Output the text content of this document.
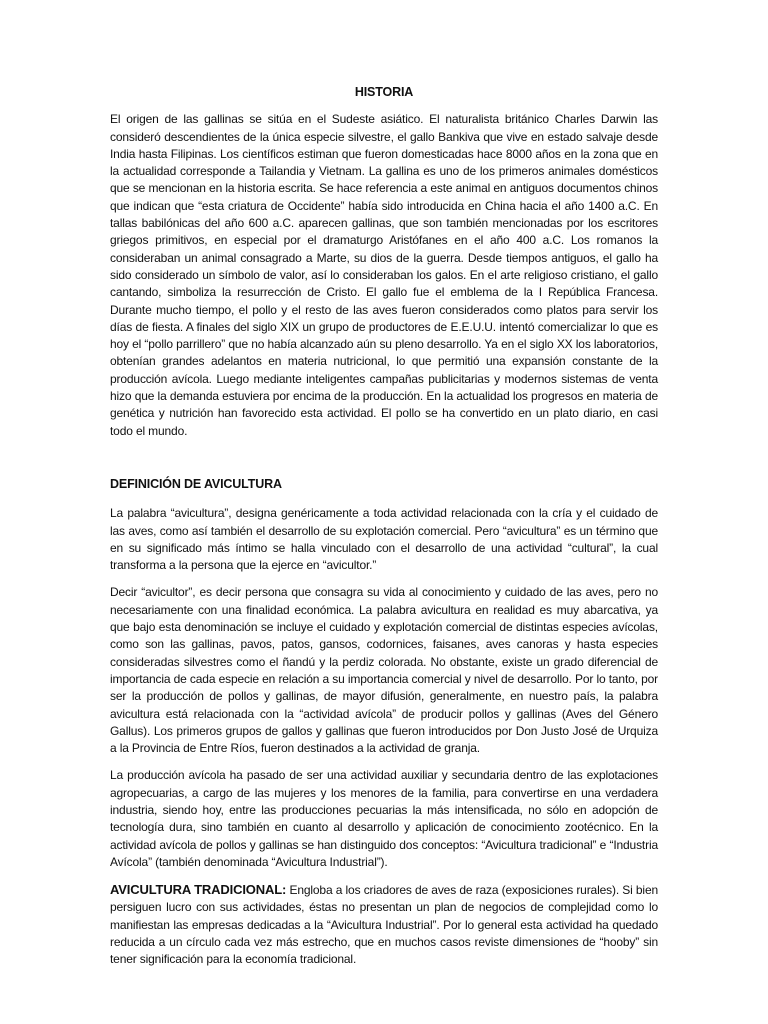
HISTORIA

El origen de las gallinas se sitúa en el Sudeste asiático. El naturalista británico Charles Darwin las consideró descendientes de la única especie silvestre, el gallo Bankiva que vive en estado salvaje desde India hasta Filipinas. Los científicos estiman que fueron domesticadas hace 8000 años en la zona que en la actualidad corresponde a Tailandia y Vietnam. La gallina es uno de los primeros animales domésticos que se mencionan en la historia escrita. Se hace referencia a este animal en antiguos documentos chinos que indican que “esta criatura de Occidente” había sido introducida en China hacia el año 1400 a.C. En tallas babilónicas del año 600 a.C. aparecen gallinas, que son también mencionadas por los escritores griegos primitivos, en especial por el dramaturgo Aristófanes en el año 400 a.C. Los romanos la consideraban un animal consagrado a Marte, su dios de la guerra. Desde tiempos antiguos, el gallo ha sido considerado un símbolo de valor, así lo consideraban los galos. En el arte religioso cristiano, el gallo cantando, simboliza la resurrección de Cristo. El gallo fue el emblema de la I República Francesa. Durante mucho tiempo, el pollo y el resto de las aves fueron considerados como platos para servir los días de fiesta. A finales del siglo XIX un grupo de productores de E.E.U.U. intentó comercializar lo que es hoy el “pollo parrillero” que no había alcanzado aún su pleno desarrollo. Ya en el siglo XX los laboratorios, obtenían grandes adelantos en materia nutricional, lo que permitió una expansión constante de la producción avícola. Luego mediante inteligentes campañas publicitarias y modernos sistemas de venta hizo que la demanda estuviera por encima de la producción. En la actualidad los progresos en materia de genética y nutrición han favorecido esta actividad. El pollo se ha convertido en un plato diario, en casi todo el mundo.

DEFINICIÓN DE AVICULTURA

La palabra “avicultura”, designa genéricamente a toda actividad relacionada con la cría y el cuidado de las aves, como así también el desarrollo de su explotación comercial. Pero “avicultura” es un término que en su significado más íntimo se halla vinculado con el desarrollo de una actividad “cultural”, la cual transforma a la persona que la ejerce en “avicultor.”

Decir “avicultor”, es decir persona que consagra su vida al conocimiento y cuidado de las aves, pero no necesariamente con una finalidad económica. La palabra avicultura en realidad es muy abarcativa, ya que bajo esta denominación se incluye el cuidado y explotación comercial de distintas especies avícolas, como son las gallinas, pavos, patos, gansos, codornices, faisanes, aves canoras y hasta especies consideradas silvestres como el ñandú y la perdiz colorada. No obstante, existe un grado diferencial de importancia de cada especie en relación a su importancia comercial y nivel de desarrollo. Por lo tanto, por ser la producción de pollos y gallinas, de mayor difusión, generalmente, en nuestro país, la palabra avicultura está relacionada con la “actividad avícola” de producir pollos y gallinas (Aves del Género Gallus). Los primeros grupos de gallos y gallinas que fueron introducidos por Don Justo José de Urquiza a la Provincia de Entre Ríos, fueron destinados a la actividad de granja.

La producción avícola ha pasado de ser una actividad auxiliar y secundaria dentro de las explotaciones agropecuarias, a cargo de las mujeres y los menores de la familia, para convertirse en una verdadera industria, siendo hoy, entre las producciones pecuarias la más intensificada, no sólo en adopción de tecnología dura, sino también en cuanto al desarrollo y aplicación de conocimiento zootécnico. En la actividad avícola de pollos y gallinas se han distinguido dos conceptos: “Avicultura tradicional” e “Industria Avícola” (también denominada “Avicultura Industrial”).

AVICULTURA TRADICIONAL: Engloba a los criadores de aves de raza (exposiciones rurales). Si bien persiguen lucro con sus actividades, éstas no presentan un plan de negocios de complejidad como lo manifiestan las empresas dedicadas a la “Avicultura Industrial”. Por lo general esta actividad ha quedado reducida a un círculo cada vez más estrecho, que en muchos casos reviste dimensiones de “hooby” sin tener significación para la economía tradicional.
